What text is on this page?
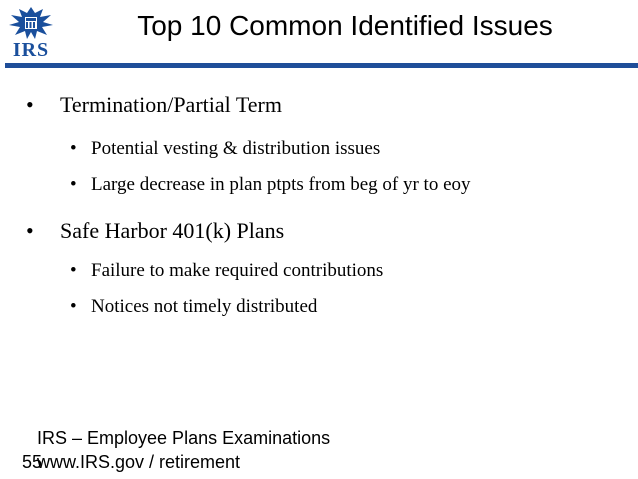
IRS
Top 10 Common Identified Issues
• Termination/Partial Term
• Potential vesting & distribution issues
• Large decrease in plan ptpts from beg of yr to eoy
• Safe Harbor 401(k) Plans
• Failure to make required contributions
• Notices not timely distributed
IRS – Employee Plans Examinations
55
www.IRS.gov / retirement
